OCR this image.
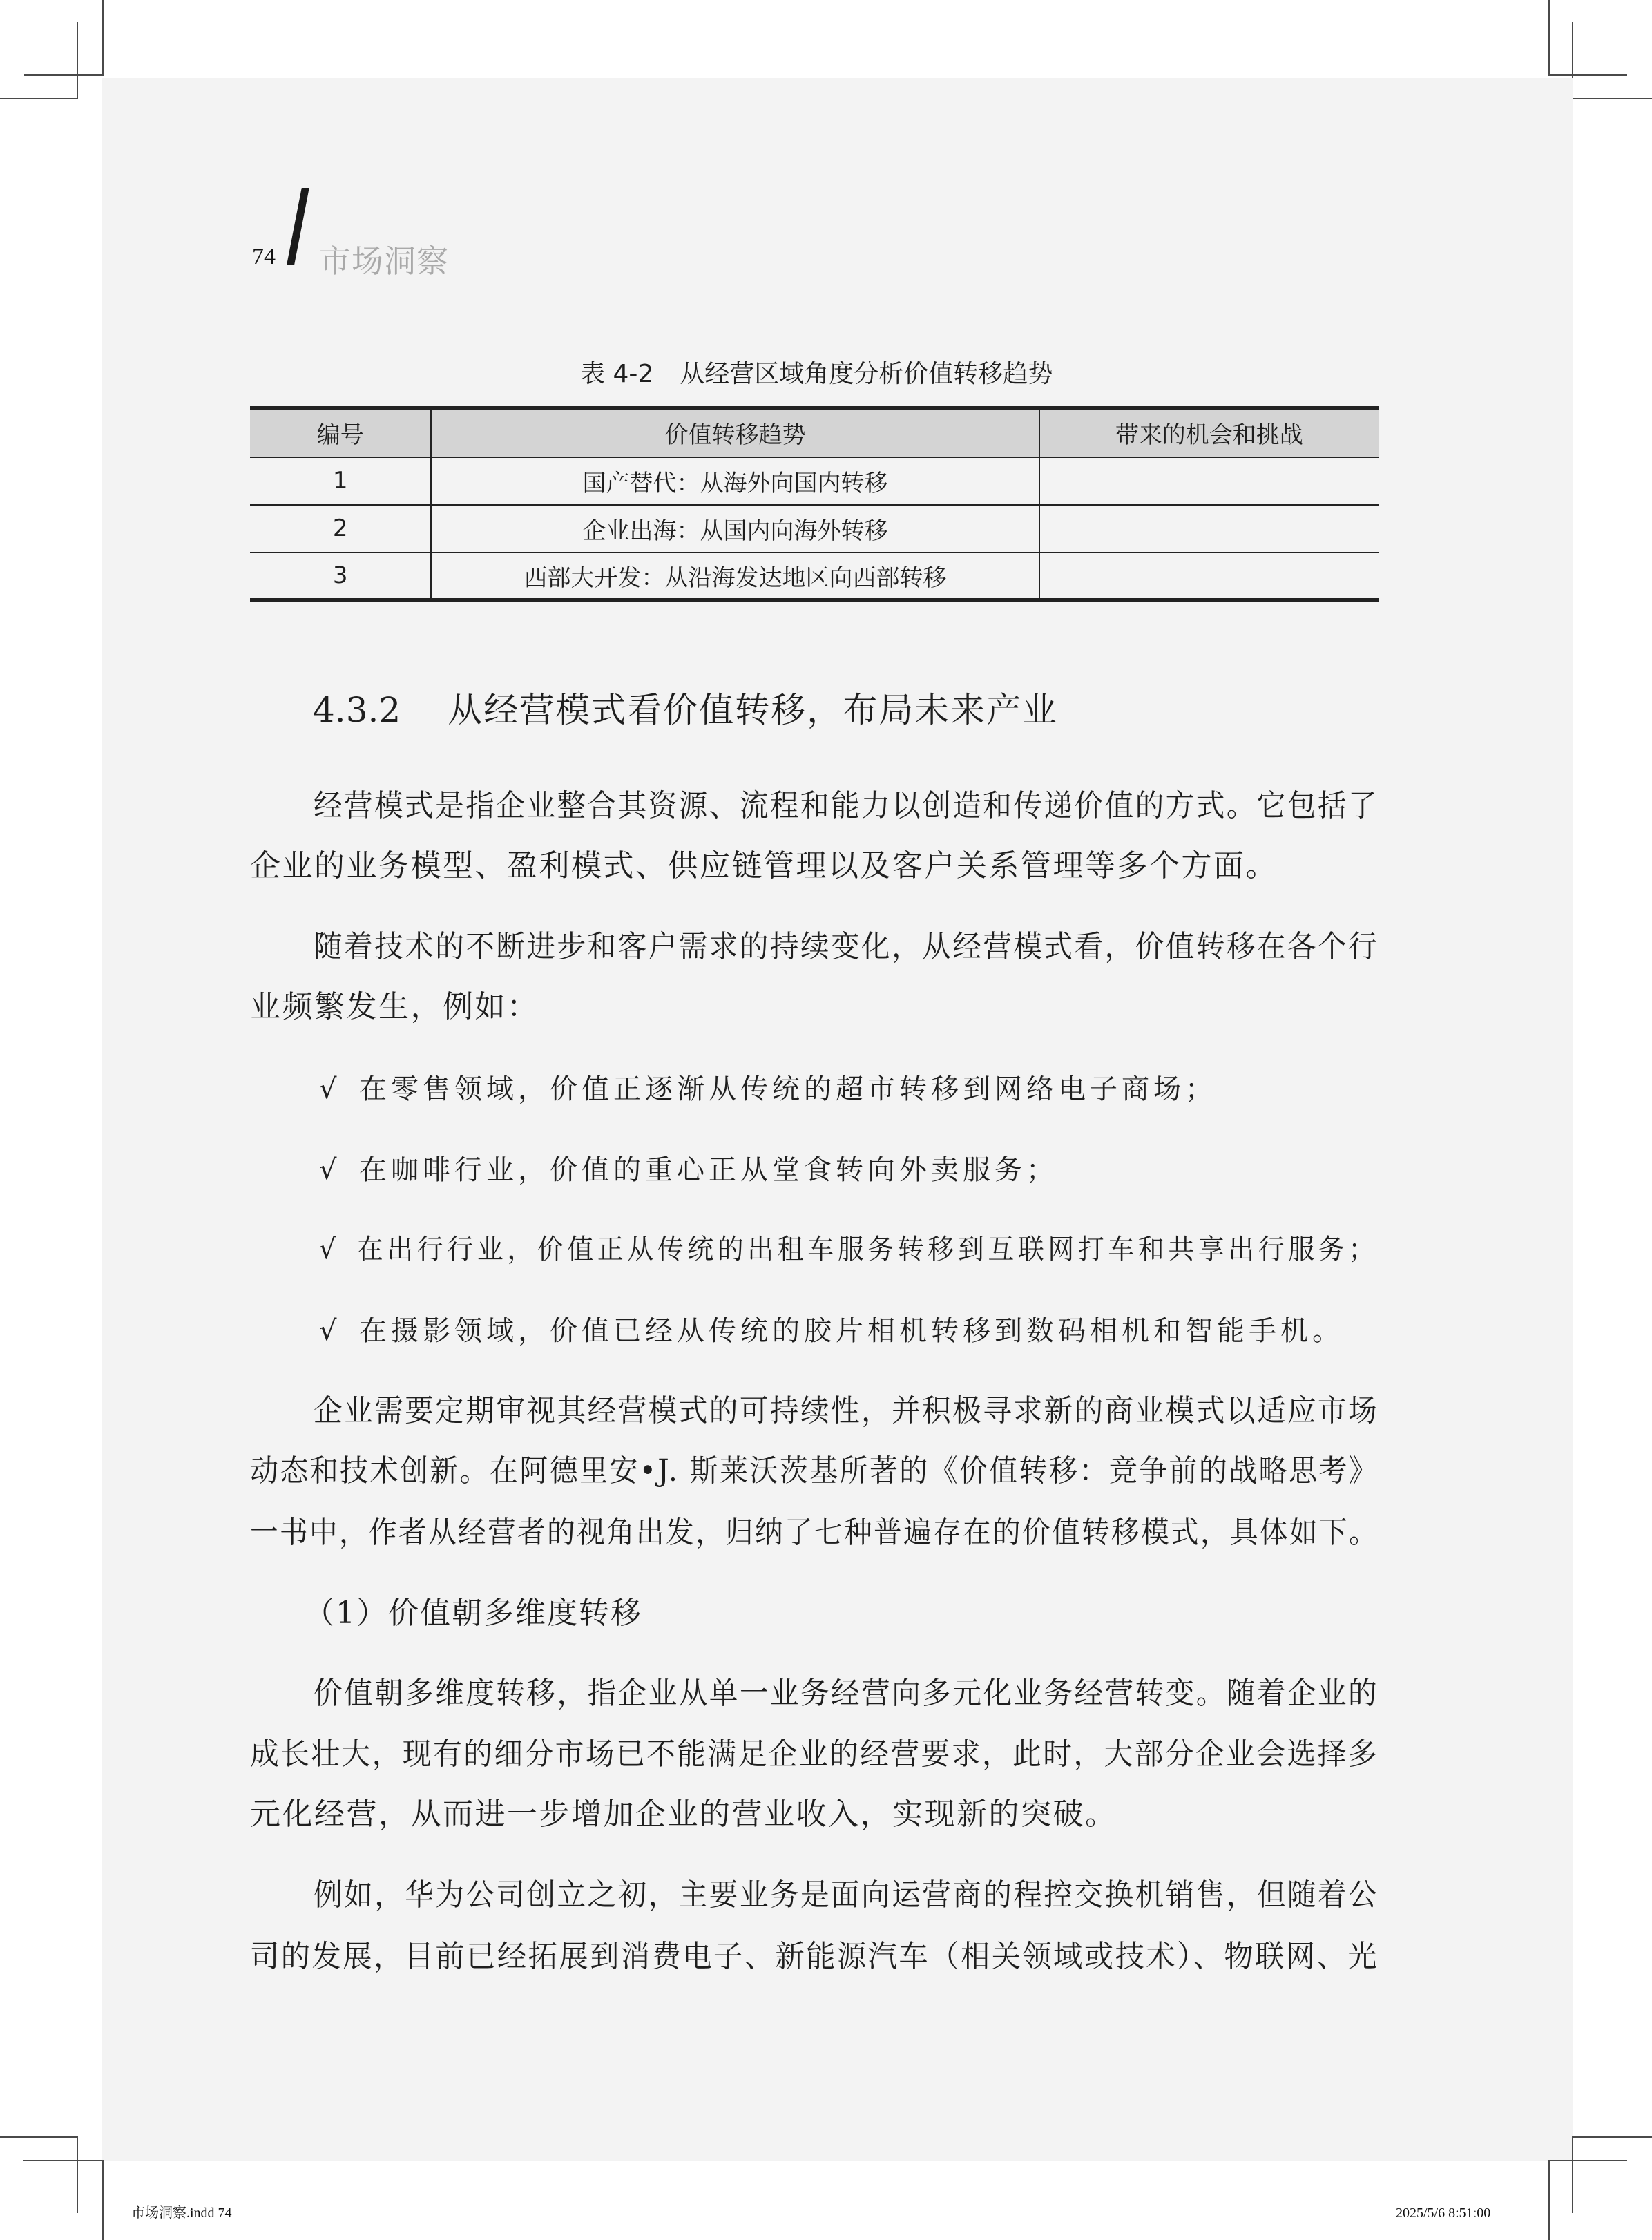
74 市场洞察
表 4-2 从经营区域角度分析价值转移趋势
编号	价值转移趋势	带来的机会和挑战
1	国产替代：从海外向国内转移	
2	企业出海：从国内向海外转移	
3	西部大开发：从沿海发达地区向西部转移	
4.3.2 从经营模式看价值转移，布局未来产业
经营模式是指企业整合其资源、流程和能力以创造和传递价值的方式。它包括了
企业的业务模型、盈利模式、供应链管理以及客户关系管理等多个方面。
随着技术的不断进步和客户需求的持续变化，从经营模式看，价值转移在各个行
业频繁发生，例如：
√ 在零售领域，价值正逐渐从传统的超市转移到网络电子商场；
√ 在咖啡行业，价值的重心正从堂食转向外卖服务；
√ 在出行行业，价值正从传统的出租车服务转移到互联网打车和共享出行服务；
√ 在摄影领域，价值已经从传统的胶片相机转移到数码相机和智能手机。
企业需要定期审视其经营模式的可持续性，并积极寻求新的商业模式以适应市场
动态和技术创新。在阿德里安•J. 斯莱沃茨基所著的《价值转移：竞争前的战略思考》
一书中，作者从经营者的视角出发，归纳了七种普遍存在的价值转移模式，具体如下。
（1）价值朝多维度转移
价值朝多维度转移，指企业从单一业务经营向多元化业务经营转变。随着企业的
成长壮大，现有的细分市场已不能满足企业的经营要求，此时，大部分企业会选择多
元化经营，从而进一步增加企业的营业收入，实现新的突破。
例如，华为公司创立之初，主要业务是面向运营商的程控交换机销售，但随着公
司的发展，目前已经拓展到消费电子、新能源汽车（相关领域或技术）、物联网、光
市场洞察.indd 74	2025/5/6 8:51:00
